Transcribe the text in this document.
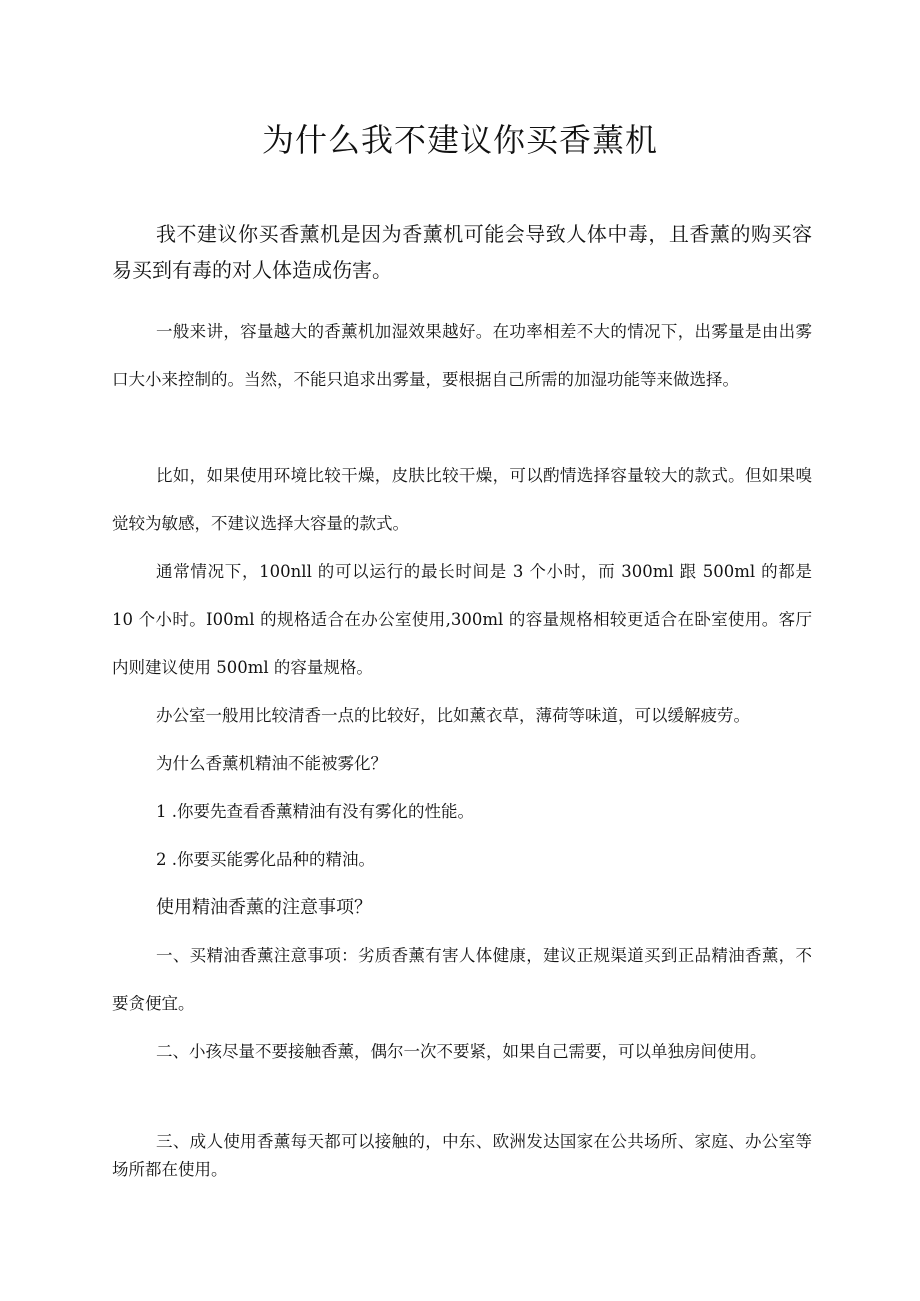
为什么我不建议你买香薰机

我不建议你买香薰机是因为香薰机可能会导致人体中毒，且香薰的购买容易买到有毒的对人体造成伤害。

一般来讲，容量越大的香薰机加湿效果越好。在功率相差不大的情况下，出雾量是由出雾口大小来控制的。当然，不能只追求出雾量，要根据自己所需的加湿功能等来做选择。

比如，如果使用环境比较干燥，皮肤比较干燥，可以酌情选择容量较大的款式。但如果嗅觉较为敏感，不建议选择大容量的款式。

通常情况下，100nll 的可以运行的最长时间是 3 个小时，而 300ml 跟 500ml 的都是 10 个小时。I00ml 的规格适合在办公室使用,300ml 的容量规格相较更适合在卧室使用。客厅内则建议使用 500ml 的容量规格。

办公室一般用比较清香一点的比较好，比如薰衣草，薄荷等味道，可以缓解疲劳。

为什么香薰机精油不能被雾化？

1 .你要先查看香薰精油有没有雾化的性能。

2 .你要买能雾化品种的精油。

使用精油香薰的注意事项？

一、买精油香薰注意事项：劣质香薰有害人体健康，建议正规渠道买到正品精油香薰，不要贪便宜。

二、小孩尽量不要接触香薰，偶尔一次不要紧，如果自己需要，可以单独房间使用。

三、成人使用香薰每天都可以接触的，中东、欧洲发达国家在公共场所、家庭、办公室等场所都在使用。
